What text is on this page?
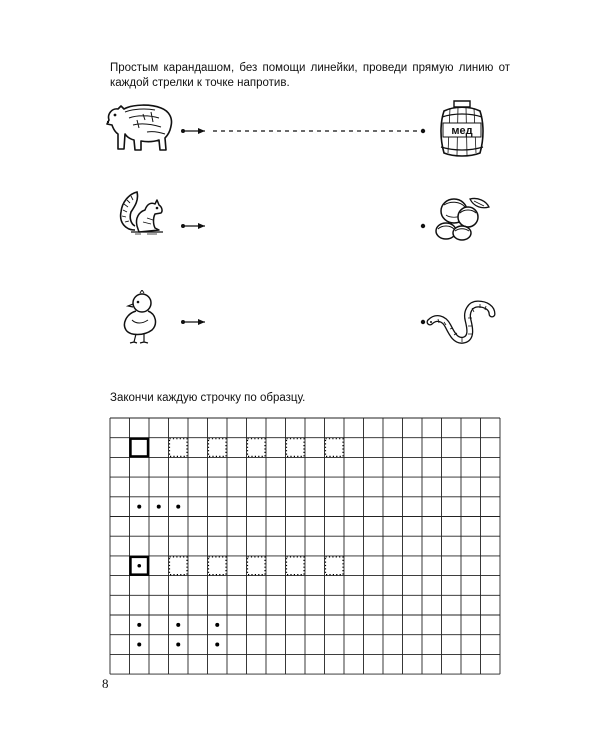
Простым карандашом, без помощи линейки, проведи прямую линию от каждой стрелки к точке напротив.
Закончи каждую строчку по образцу.
мед
8
